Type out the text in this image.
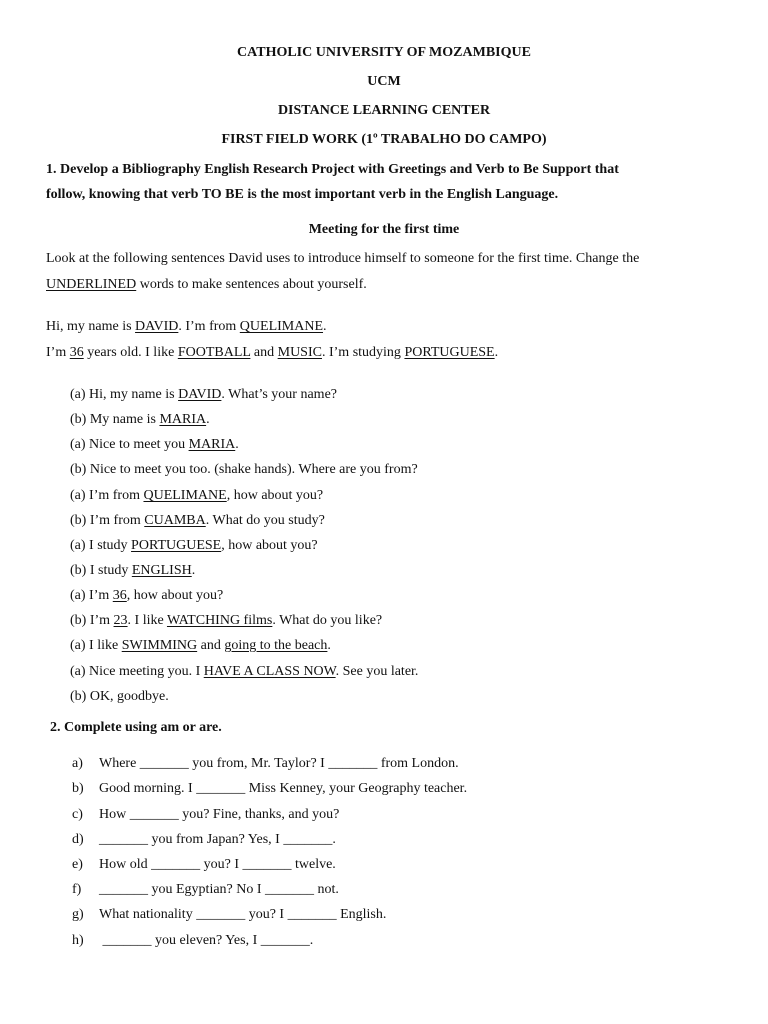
CATHOLIC UNIVERSITY OF MOZAMBIQUE
UCM
DISTANCE LEARNING CENTER
FIRST FIELD WORK (1º TRABALHO DO CAMPO)
1. Develop a Bibliography English Research Project with Greetings and Verb to Be Support that
follow, knowing that verb TO BE is the most important verb in the English Language.
Meeting for the first time
Look at the following sentences David uses to introduce himself to someone for the first time. Change the
UNDERLINED words to make sentences about yourself.
Hi, my name is DAVID. I’m from QUELIMANE.
I’m 36 years old. I like FOOTBALL and MUSIC. I’m studying PORTUGUESE.
(a) Hi, my name is DAVID. What’s your name?
(b) My name is MARIA.
(a) Nice to meet you MARIA.
(b) Nice to meet you too. (shake hands). Where are you from?
(a) I’m from QUELIMANE, how about you?
(b) I’m from CUAMBA. What do you study?
(a) I study PORTUGUESE, how about you?
(b) I study ENGLISH.
(a) I’m 36, how about you?
(b) I’m 23. I like WATCHING films. What do you like?
(a) I like SWIMMING and going to the beach.
(a) Nice meeting you. I HAVE A CLASS NOW. See you later.
(b) OK, goodbye.
2. Complete using am or are.
a) Where _______ you from, Mr. Taylor? I _______ from London.
b) Good morning. I _______ Miss Kenney, your Geography teacher.
c) How _______ you? Fine, thanks, and you?
d) _______ you from Japan? Yes, I _______.
e) How old _______ you? I _______ twelve.
f) _______ you Egyptian? No I _______ not.
g) What nationality _______ you? I _______ English.
h) _______ you eleven? Yes, I _______.
